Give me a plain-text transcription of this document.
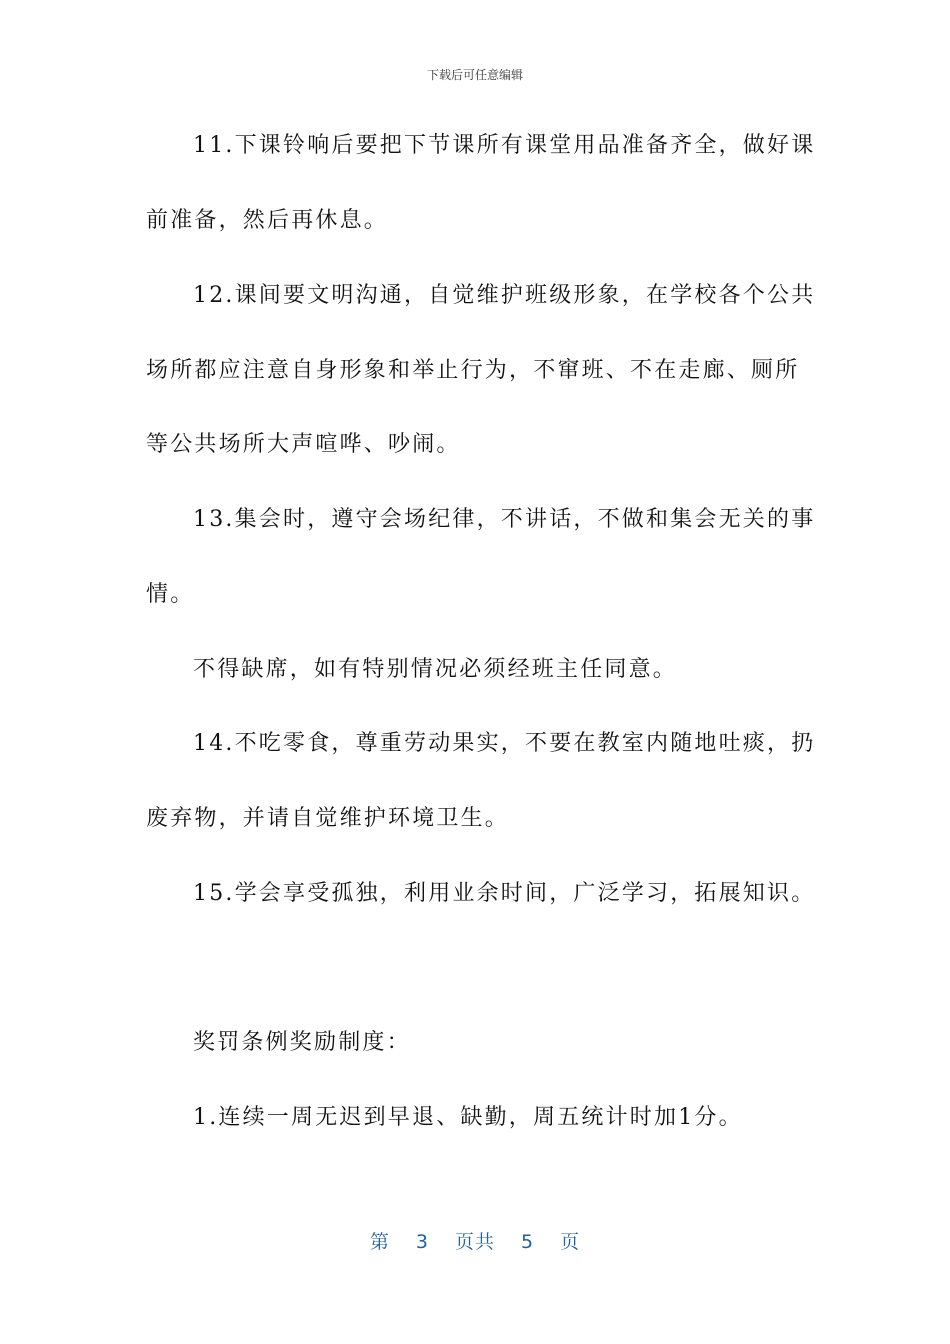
下载后可任意编辑
11.下课铃响后要把下节课所有课堂用品准备齐全，做好课
前准备，然后再休息。
12.课间要文明沟通，自觉维护班级形象，在学校各个公共
场所都应注意自身形象和举止行为，不窜班、不在走廊、厕所
等公共场所大声喧哗、吵闹。
13.集会时，遵守会场纪律，不讲话，不做和集会无关的事
情。
不得缺席，如有特别情况必须经班主任同意。
14.不吃零食，尊重劳动果实，不要在教室内随地吐痰，扔
废弃物，并请自觉维护环境卫生。
15.学会享受孤独，利用业余时间，广泛学习，拓展知识。
奖罚条例奖励制度：
1.连续一周无迟到早退、缺勤，周五统计时加1分。
第 3 页共 5 页
